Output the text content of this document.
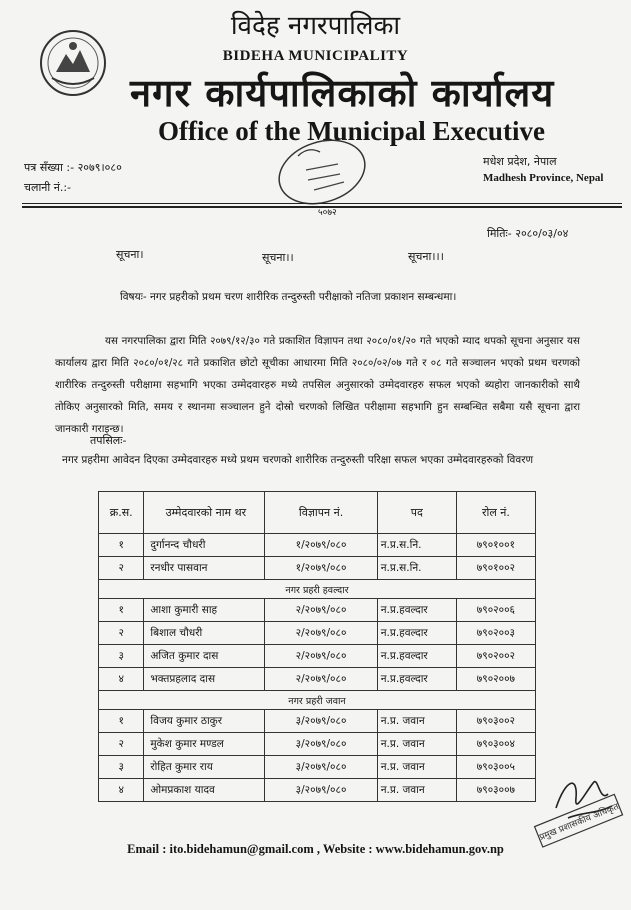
विदेह नगरपालिका
BIDEHA MUNICIPALITY
नगर कार्यपालिकाको कार्यालय
Office of the Municipal Executive
पत्र सँख्या :- २०७९।०८०
चलानी नं.:-
मधेश प्रदेश, नेपाल
Madhesh Province, Nepal
५०७२
मितिः- २०८०/०३/०४
सूचना।	सूचना।।	सूचना।।।
विषयः- नगर प्रहरीको प्रथम चरण शारीरिक तन्दुरुस्ती परीक्षाको नतिजा प्रकाशन सम्बन्धमा।
यस नगरपालिका द्वारा मिति २०७९/१२/३० गते प्रकाशित विज्ञापन तथा २०८०/०१/२० गते भएको म्याद थपको सूचना अनुसार यस कार्यालय द्वारा मिति २०८०/०१/२८ गते प्रकाशित छोटो सूचीका आधारमा मिति २०८०/०२/०७ गते र ०८ गते सञ्चालन भएको प्रथम चरणको शारीरिक तन्दुरुस्ती परीक्षामा सहभागि भएका उम्मेदवारहरु मध्ये तपसिल अनुसारको उम्मेदवारहरु सफल भएको ब्यहोरा जानकारीको साथै तोकिए अनुसारको मिति, समय र स्थानमा सञ्चालन हुने दोस्रो चरणको लिखित परीक्षामा सहभागि हुन सम्बन्धित सबैमा यसै सूचना द्वारा जानकारी गराइन्छ।
तपसिलः-
नगर प्रहरीमा आवेदन दिएका उम्मेदवारहरु मध्ये प्रथम चरणको शारीरिक तन्दुरुस्ती परिक्षा सफल भएका उम्मेदवारहरुको विवरण
क्र.स.	उम्मेदवारको नाम थर	विज्ञापन नं.	पद	रोल नं.
१	दुर्गानन्द चौधरी	१/२०७९/०८०	न.प्र.स.नि.	७९०१००१
२	रनधीर पासवान	१/२०७९/०८०	न.प्र.स.नि.	७९०१००२
नगर प्रहरी हवल्दार				
१	आशा कुमारी साह	२/२०७९/०८०	न.प्र.हवल्दार	७९०२००६
२	बिशाल चौधरी	२/२०७९/०८०	न.प्र.हवल्दार	७९०२००३
३	अजित कुमार दास	२/२०७९/०८०	न.प्र.हवल्दार	७९०२००२
४	भक्तप्रहलाद दास	२/२०७९/०८०	न.प्र.हवल्दार	७९०२००७
नगर प्रहरी जवान				
१	विजय कुमार ठाकुर	३/२०७९/०८०	न.प्र. जवान	७९०३००२
२	मुकेश कुमार मण्डल	३/२०७९/०८०	न.प्र. जवान	७९०३००४
३	रोहित कुमार राय	३/२०७९/०८०	न.प्र. जवान	७९०३००५
४	ओमप्रकाश यादव	३/२०७९/०८०	न.प्र. जवान	७९०३००७
प्रमुख प्रशासकीय अधिकृत
Email : ito.bidehamun@gmail.com , Website : www.bidehamun.gov.np
